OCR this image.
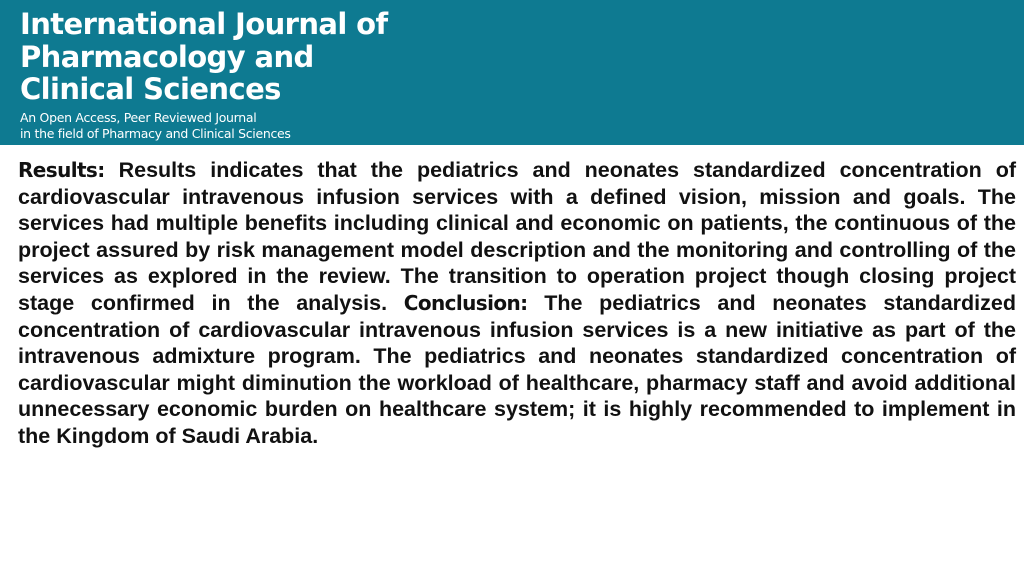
International Journal of
Pharmacology and
Clinical Sciences
An Open Access, Peer Reviewed Journal
in the field of Pharmacy and Clinical Sciences

Results: Results indicates that the pediatrics and neonates standardized concentration of cardiovascular intravenous infusion services with a defined vision, mission and goals. The services had multiple benefits including clinical and economic on patients, the continuous of the project assured by risk management model description and the monitoring and controlling of the services as explored in the review. The transition to operation project though closing project stage confirmed in the analysis. Conclusion: The pediatrics and neonates standardized concentration of cardiovascular intravenous infusion services is a new initiative as part of the intravenous admixture program. The pediatrics and neonates standardized concentration of cardiovascular might diminution the workload of healthcare, pharmacy staff and avoid additional unnecessary economic burden on healthcare system; it is highly recommended to implement in the Kingdom of Saudi Arabia.
